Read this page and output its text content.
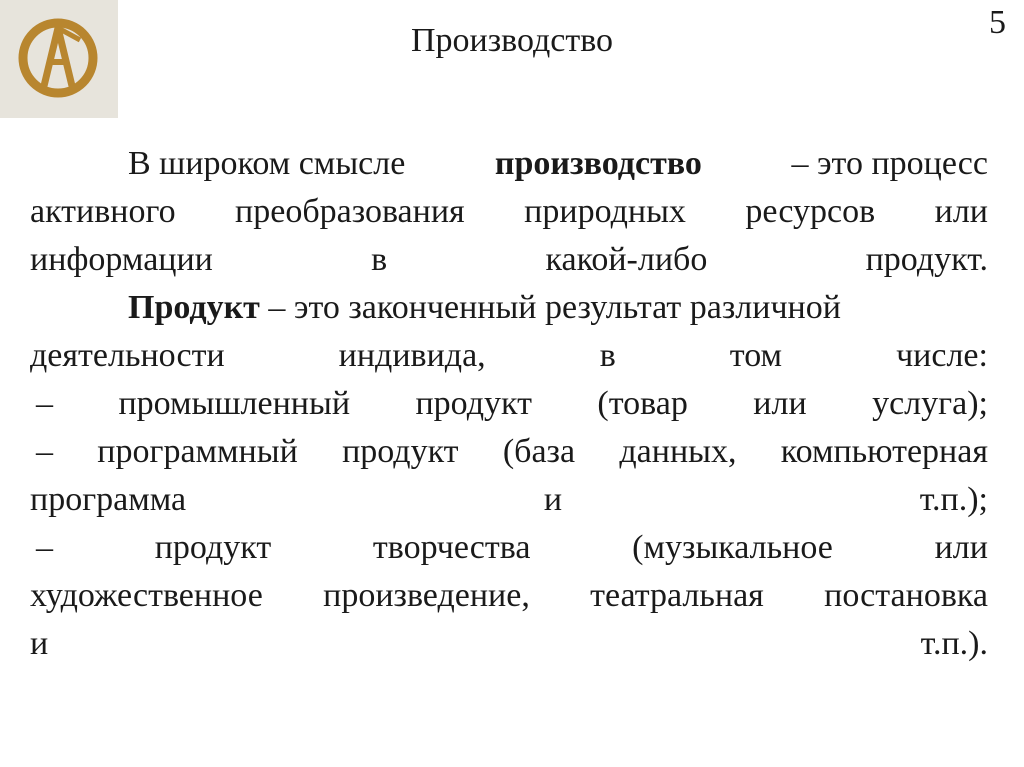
Производство	5
В широком смысле	производство	– это процесс
активного преобразования природных ресурсов или
информации	в	какой-либо	продукт.
Продукт – это законченный результат различной
деятельности	индивида,	в	том	числе:
– промышленный продукт (товар или услуга);
– программный продукт (база данных, компьютерная
программа	и	т.п.);
–	продукт	творчества	(музыкальное	или
художественное произведение, театральная постановка
и	т.п.).
